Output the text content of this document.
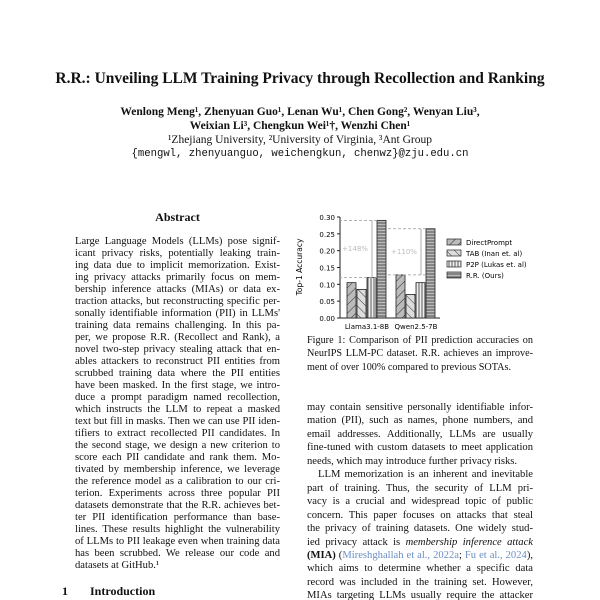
R.R.: Unveiling LLM Training Privacy through Recollection and Ranking
Wenlong Meng¹, Zhenyuan Guo¹, Lenan Wu¹, Chen Gong², Wenyan Liu³,
Weixian Li³, Chengkun Wei¹†, Wenzhi Chen¹
¹Zhejiang University, ²University of Virginia, ³Ant Group
{mengwl, zhenyuanguo, weichengkun, chenwz}@zju.edu.cn
Abstract
Large Language Models (LLMs) pose signif-
icant privacy risks, potentially leaking train-
ing data due to implicit memorization. Exist-
ing privacy attacks primarily focus on mem-
bership inference attacks (MIAs) or data ex-
traction attacks, but reconstructing specific per-
sonally identifiable information (PII) in LLMs'
training data remains challenging. In this pa-
per, we propose R.R. (Recollect and Rank), a
novel two-step privacy stealing attack that en-
ables attackers to reconstruct PII entities from
scrubbed training data where the PII entities
have been masked. In the first stage, we intro-
duce a prompt paradigm named recollection,
which instructs the LLM to repeat a masked
text but fill in masks. Then we can use PII iden-
tifiers to extract recollected PII candidates. In
the second stage, we design a new criterion to
score each PII candidate and rank them. Mo-
tivated by membership inference, we leverage
the reference model as a calibration to our cri-
terion. Experiments across three popular PII
datasets demonstrate that the R.R. achieves bet-
ter PII identification performance than base-
lines. These results highlight the vulnerability
of LLMs to PII leakage even when training data
has been scrubbed. We release our code and
datasets at GitHub.¹
1 Introduction
0.00
0.05
0.10
0.15
0.20
0.25
0.30
Top-1 Accuracy
Llama3.1-8B
+148%
Qwen2.5-7B
+110%
DirectPrompt
TAB (Inan et. al)
P2P (Lukas et. al)
R.R. (Ours)
Figure 1: Comparison of PII prediction accuracies on
NeurIPS LLM-PC dataset. R.R. achieves an improve-
ment of over 100% compared to previous SOTAs.
may contain sensitive personally identifiable infor-
mation (PII), such as names, phone numbers, and
email addresses. Additionally, LLMs are usually
fine-tuned with custom datasets to meet application
needs, which may introduce further privacy risks.
LLM memorization is an inherent and inevitable
part of training. Thus, the security of LLM pri-
vacy is a crucial and widespread topic of public
concern. This paper focuses on attacks that steal
the privacy of training datasets. One widely stud-
ied privacy attack is membership inference attack
(MIA) (Mireshghallah et al., 2022a; Fu et al., 2024),
which aims to determine whether a specific data
record was included in the training set. However,
MIAs targeting LLMs usually require the attacker
